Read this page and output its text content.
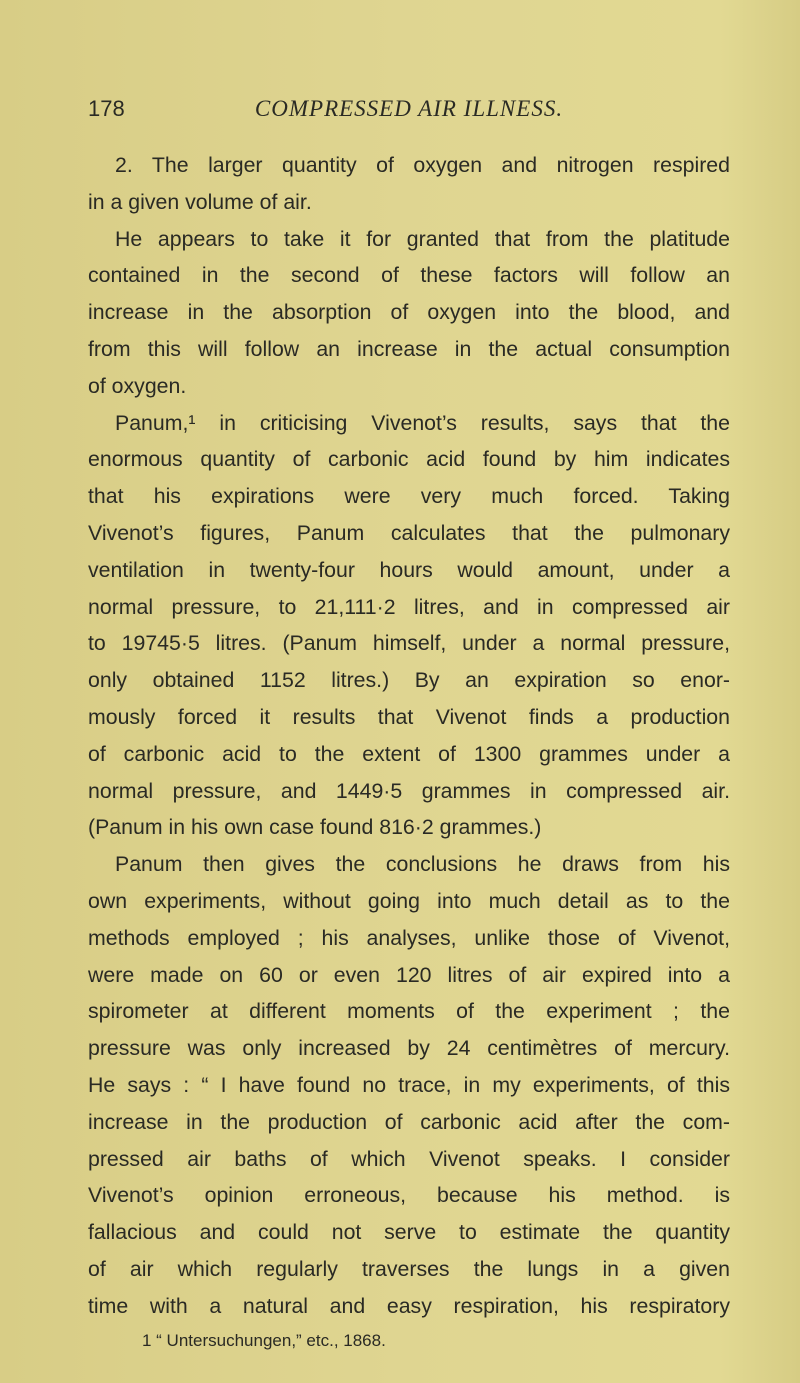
178	COMPRESSED AIR ILLNESS.
2. The larger quantity of oxygen and nitrogen respired
in a given volume of air.
He appears to take it for granted that from the platitude
contained in the second of these factors will follow an
increase in the absorption of oxygen into the blood, and
from this will follow an increase in the actual consumption
of oxygen.
Panum,¹ in criticising Vivenot’s results, says that the
enormous quantity of carbonic acid found by him indicates
that his expirations were very much forced. Taking
Vivenot’s figures, Panum calculates that the pulmonary
ventilation in twenty-four hours would amount, under a
normal pressure, to 21,111·2 litres, and in compressed air
to 19745·5 litres. (Panum himself, under a normal pressure,
only obtained 1152 litres.) By an expiration so enor-
mously forced it results that Vivenot finds a production
of carbonic acid to the extent of 1300 grammes under a
normal pressure, and 1449·5 grammes in compressed air.
(Panum in his own case found 816·2 grammes.)
Panum then gives the conclusions he draws from his
own experiments, without going into much detail as to the
methods employed ; his analyses, unlike those of Vivenot,
were made on 60 or even 120 litres of air expired into a
spirometer at different moments of the experiment ; the
pressure was only increased by 24 centimètres of mercury.
He says : “ I have found no trace, in my experiments, of this
increase in the production of carbonic acid after the com-
pressed air baths of which Vivenot speaks. I consider
Vivenot’s opinion erroneous, because his method. is
fallacious and could not serve to estimate the quantity
of air which regularly traverses the lungs in a given
time with a natural and easy respiration, his respiratory
1 “ Untersuchungen,” etc., 1868.
